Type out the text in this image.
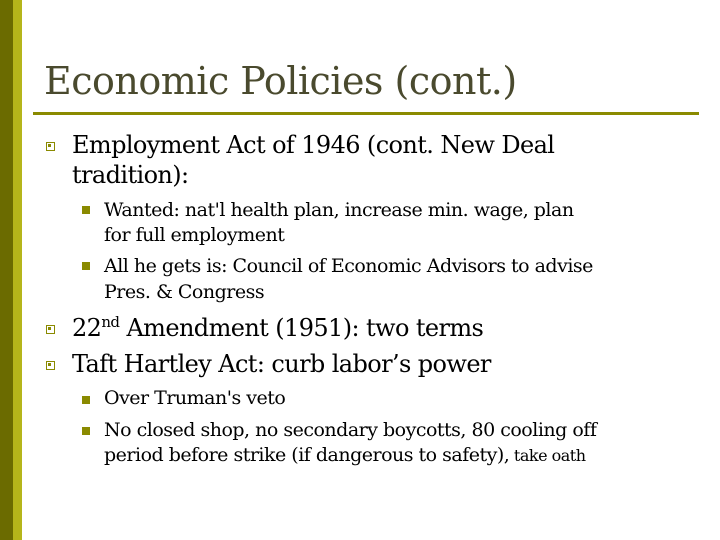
Economic Policies (cont.)
Employment Act of 1946 (cont. New Deal
tradition):
Wanted: nat'l health plan, increase min. wage, plan
for full employment
All he gets is: Council of Economic Advisors to advise
Pres. & Congress
22nd Amendment (1951): two terms
Taft Hartley Act: curb labor’s power
Over Truman's veto
No closed shop, no secondary boycotts, 80 cooling off
period before strike (if dangerous to safety), take oath
